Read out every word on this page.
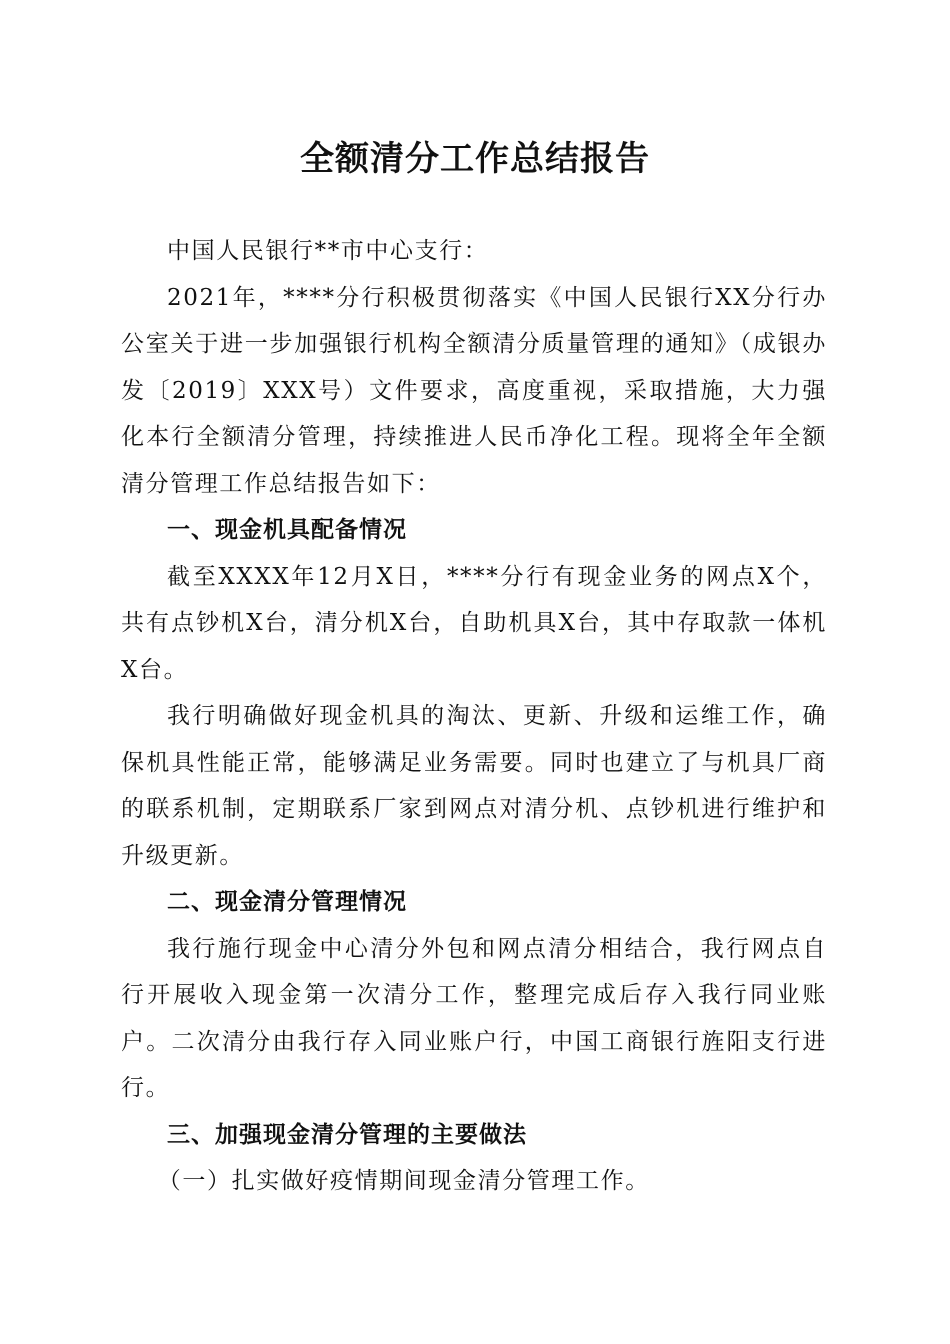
全额清分工作总结报告

中国人民银行**市中心支行：

2021年，****分行积极贯彻落实《中国人民银行XX分行办公室关于进一步加强银行机构全额清分质量管理的通知》（成银办发〔2019〕XXX号）文件要求，高度重视，采取措施，大力强化本行全额清分管理，持续推进人民币净化工程。现将全年全额清分管理工作总结报告如下：

一、现金机具配备情况

截至XXXX年12月X日，****分行有现金业务的网点X个，共有点钞机X台，清分机X台，自助机具X台，其中存取款一体机X台。

我行明确做好现金机具的淘汰、更新、升级和运维工作，确保机具性能正常，能够满足业务需要。同时也建立了与机具厂商的联系机制，定期联系厂家到网点对清分机、点钞机进行维护和升级更新。

二、现金清分管理情况

我行施行现金中心清分外包和网点清分相结合，我行网点自行开展收入现金第一次清分工作，整理完成后存入我行同业账户。二次清分由我行存入同业账户行，中国工商银行旌阳支行进行。

三、加强现金清分管理的主要做法

（一）扎实做好疫情期间现金清分管理工作。
